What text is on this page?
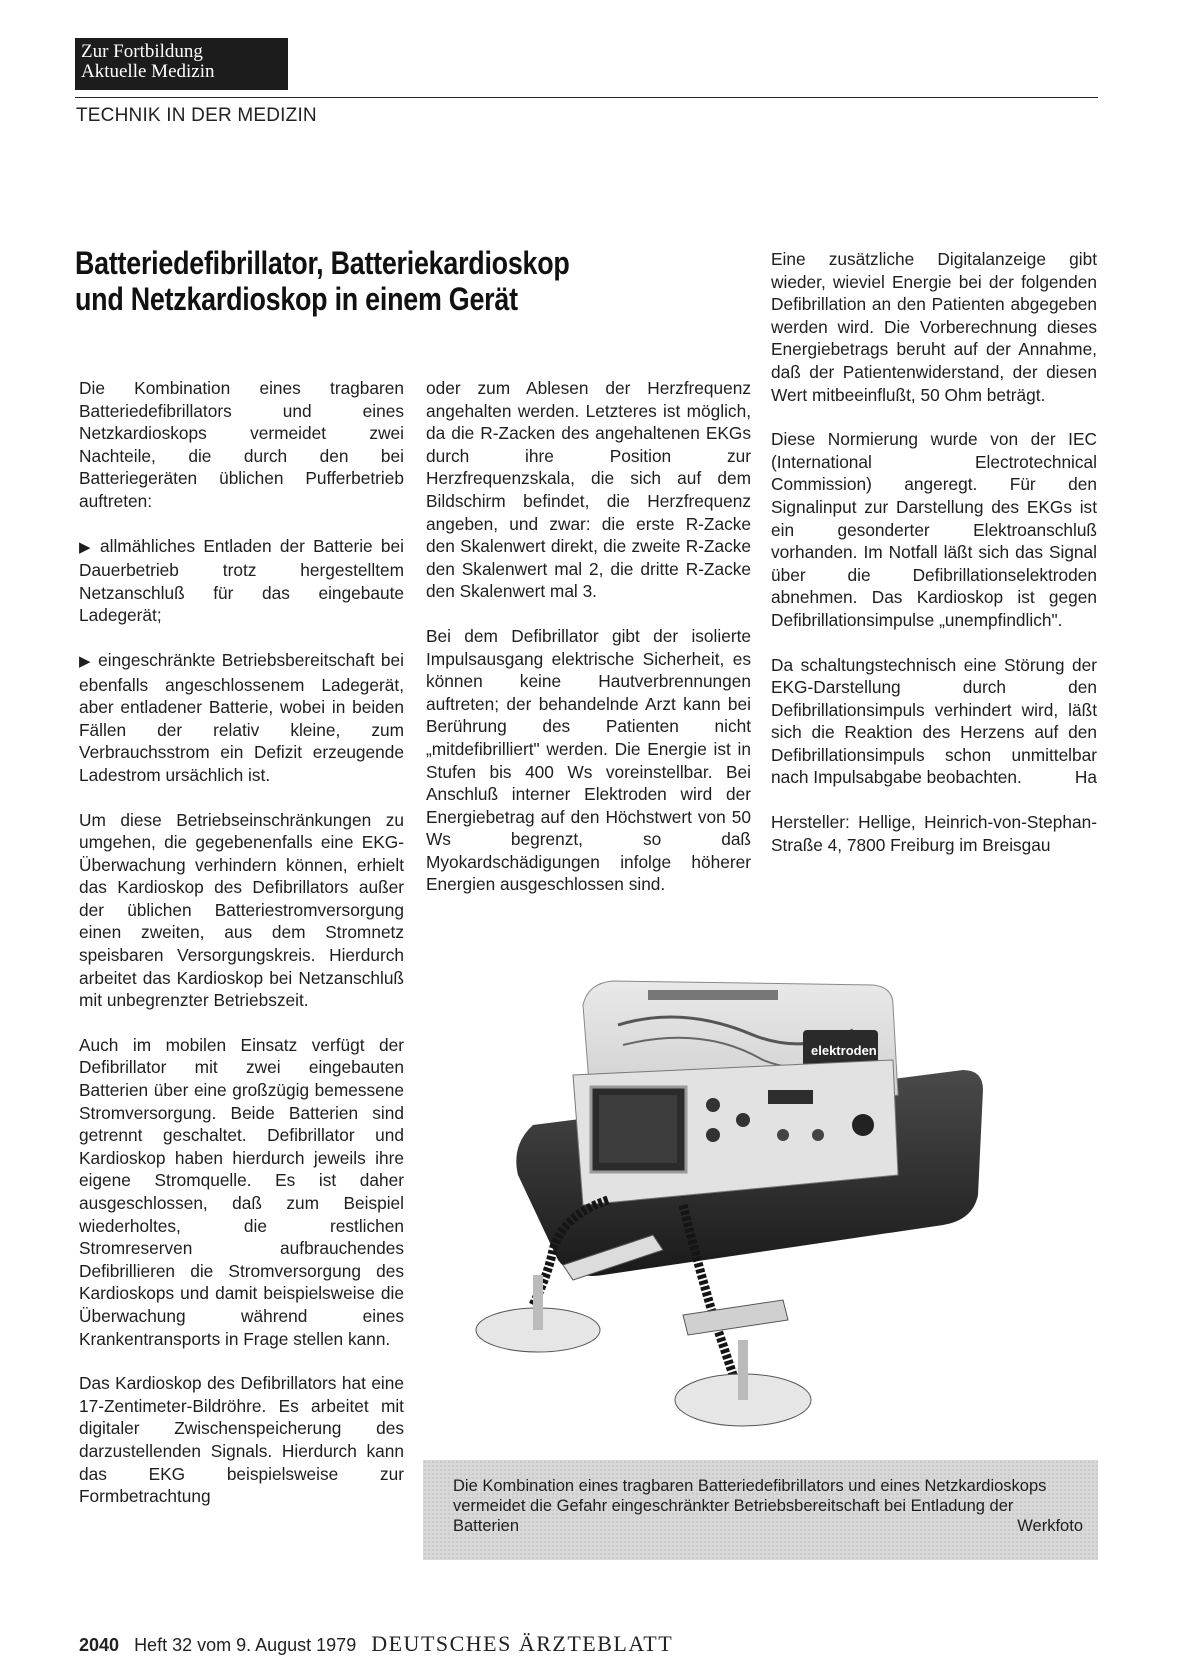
Zur Fortbildung
Aktuelle Medizin
TECHNIK IN DER MEDIZIN
Batteriedefibrillator, Batteriekardioskop
und Netzkardioskop in einem Gerät

Die Kombination eines tragbaren Batteriedefibrillators und eines Netzkardioskops vermeidet zwei Nachteile, die durch den bei Batteriegeräten üblichen Pufferbetrieb auftreten:

▶ allmähliches Entladen der Batterie bei Dauerbetrieb trotz hergestelltem Netzanschluß für das eingebaute Ladegerät;

▶ eingeschränkte Betriebsbereitschaft bei ebenfalls angeschlossenem Ladegerät, aber entladener Batterie, wobei in beiden Fällen der relativ kleine, zum Verbrauchsstrom ein Defizit erzeugende Ladestrom ursächlich ist.

Um diese Betriebseinschränkungen zu umgehen, die gegebenenfalls eine EKG-Überwachung verhindern können, erhielt das Kardioskop des Defibrillators außer der üblichen Batteriestromversorgung einen zweiten, aus dem Stromnetz speisbaren Versorgungskreis. Hierdurch arbeitet das Kardioskop bei Netzanschluß mit unbegrenzter Betriebszeit.

Auch im mobilen Einsatz verfügt der Defibrillator mit zwei eingebauten Batterien über eine großzügig bemessene Stromversorgung. Beide Batterien sind getrennt geschaltet. Defibrillator und Kardioskop haben hierdurch jeweils ihre eigene Stromquelle. Es ist daher ausgeschlossen, daß zum Beispiel wiederholtes, die restlichen Stromreserven aufbrauchendes Defibrillieren die Stromversorgung des Kardioskops und damit beispielsweise die Überwachung während eines Krankentransports in Frage stellen kann.

Das Kardioskop des Defibrillators hat eine 17-Zentimeter-Bildröhre. Es arbeitet mit digitaler Zwischenspeicherung des darzustellenden Signals. Hierdurch kann das EKG beispielsweise zur Formbetrachtung

oder zum Ablesen der Herzfrequenz angehalten werden. Letzteres ist möglich, da die R-Zacken des angehaltenen EKGs durch ihre Position zur Herzfrequenzskala, die sich auf dem Bildschirm befindet, die Herzfrequenz angeben, und zwar: die erste R-Zacke den Skalenwert direkt, die zweite R-Zacke den Skalenwert mal 2, die dritte R-Zacke den Skalenwert mal 3.

Bei dem Defibrillator gibt der isolierte Impulsausgang elektrische Sicherheit, es können keine Hautverbrennungen auftreten; der behandelnde Arzt kann bei Berührung des Patienten nicht „mitdefibrilliert" werden. Die Energie ist in Stufen bis 400 Ws voreinstellbar. Bei Anschluß interner Elektroden wird der Energiebetrag auf den Höchstwert von 50 Ws begrenzt, so daß Myokardschädigungen infolge höherer Energien ausgeschlossen sind.

Eine zusätzliche Digitalanzeige gibt wieder, wieviel Energie bei der folgenden Defibrillation an den Patienten abgegeben werden wird. Die Vorberechnung dieses Energiebetrags beruht auf der Annahme, daß der Patientenwiderstand, der diesen Wert mitbeeinflußt, 50 Ohm beträgt.

Diese Normierung wurde von der IEC (International Electrotechnical Commission) angeregt. Für den Signalinput zur Darstellung des EKGs ist ein gesonderter Elektroanschluß vorhanden. Im Notfall läßt sich das Signal über die Defibrillationselektroden abnehmen. Das Kardioskop ist gegen Defibrillationsimpulse „unempfindlich".

Da schaltungstechnisch eine Störung der EKG-Darstellung durch den Defibrillationsimpuls verhindert wird, läßt sich die Reaktion des Herzens auf den Defibrillationsimpuls schon unmittelbar nach Impulsabgabe beobachten.	Ha

Hersteller: Hellige, Heinrich-von-Stephan-Straße 4, 7800 Freiburg im Breisgau

elektroden
Die Kombination eines tragbaren Batteriedefibrillators und eines Netzkardioskops vermeidet die Gefahr eingeschränkter Betriebsbereitschaft bei Entladung der Batterien	Werkfoto
2040 Heft 32 vom 9. August 1979 DEUTSCHES ÄRZTEBLATT
